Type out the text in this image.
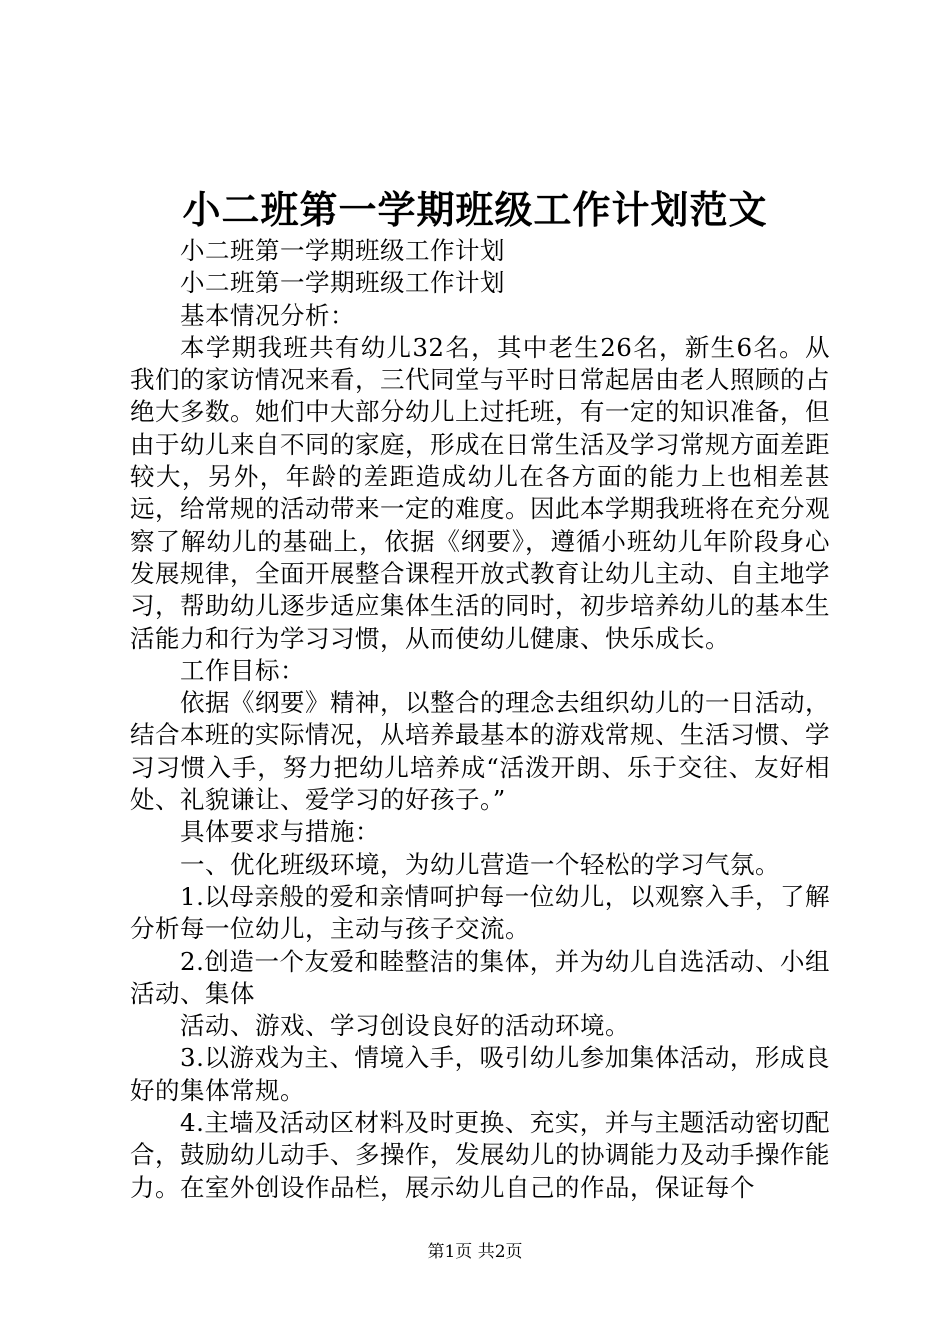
小二班第一学期班级工作计划范文

小二班第一学期班级工作计划

小二班第一学期班级工作计划

基本情况分析：

本学期我班共有幼儿32名，其中老生26名，新生6名。从我们的家访情况来看，三代同堂与平时日常起居由老人照顾的占绝大多数。她们中大部分幼儿上过托班，有一定的知识准备，但由于幼儿来自不同的家庭，形成在日常生活及学习常规方面差距较大，另外，年龄的差距造成幼儿在各方面的能力上也相差甚远，给常规的活动带来一定的难度。因此本学期我班将在充分观察了解幼儿的基础上，依据《纲要》，遵循小班幼儿年阶段身心发展规律，全面开展整合课程开放式教育让幼儿主动、自主地学习，帮助幼儿逐步适应集体生活的同时，初步培养幼儿的基本生活能力和行为学习习惯，从而使幼儿健康、快乐成长。

工作目标：

依据《纲要》精神，以整合的理念去组织幼儿的一日活动，结合本班的实际情况，从培养最基本的游戏常规、生活习惯、学习习惯入手，努力把幼儿培养成“活泼开朗、乐于交往、友好相处、礼貌谦让、爱学习的好孩子。”

具体要求与措施：

一、优化班级环境，为幼儿营造一个轻松的学习气氛。

1.以母亲般的爱和亲情呵护每一位幼儿，以观察入手，了解分析每一位幼儿，主动与孩子交流。

2.创造一个友爱和睦整洁的集体，并为幼儿自选活动、小组活动、集体

活动、游戏、学习创设良好的活动环境。

3.以游戏为主、情境入手，吸引幼儿参加集体活动，形成良好的集体常规。

4.主墙及活动区材料及时更换、充实，并与主题活动密切配合，鼓励幼儿动手、多操作，发展幼儿的协调能力及动手操作能力。在室外创设作品栏，展示幼儿自己的作品，保证每个

第1页 共2页
